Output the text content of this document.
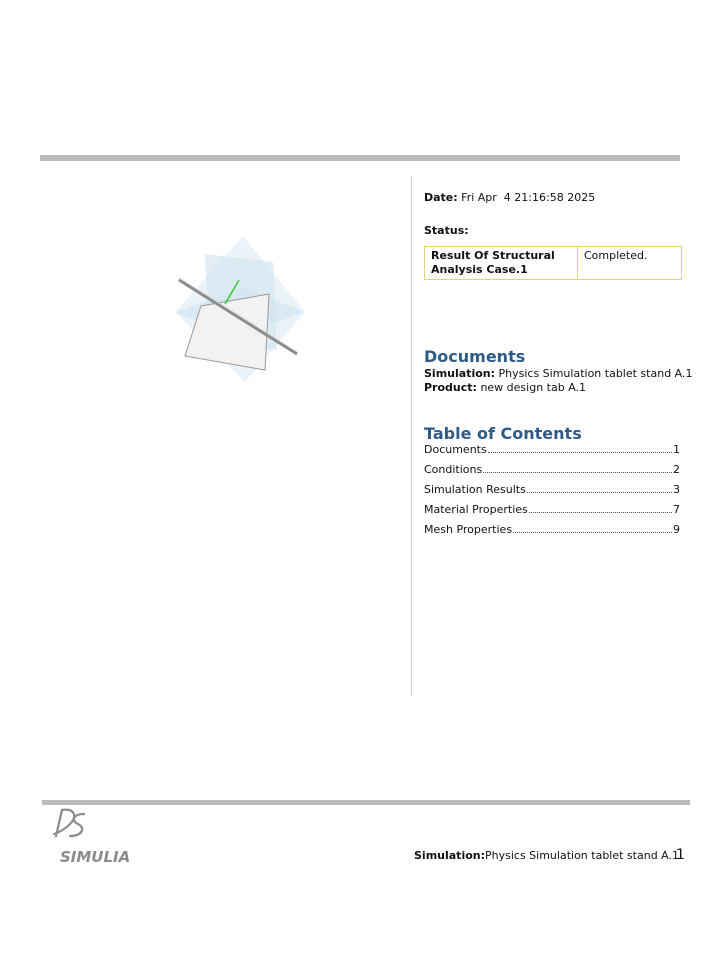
Date: Fri Apr  4 21:16:58 2025
Status:
Result Of Structural Analysis Case.1	Completed.
Documents
Simulation: Physics Simulation tablet stand A.1
Product: new design tab A.1
Table of Contents
Documents	1
Conditions	2
Simulation Results	3
Material Properties	7
Mesh Properties	9
SIMULIA	Simulation:Physics Simulation tablet stand A.1
1
